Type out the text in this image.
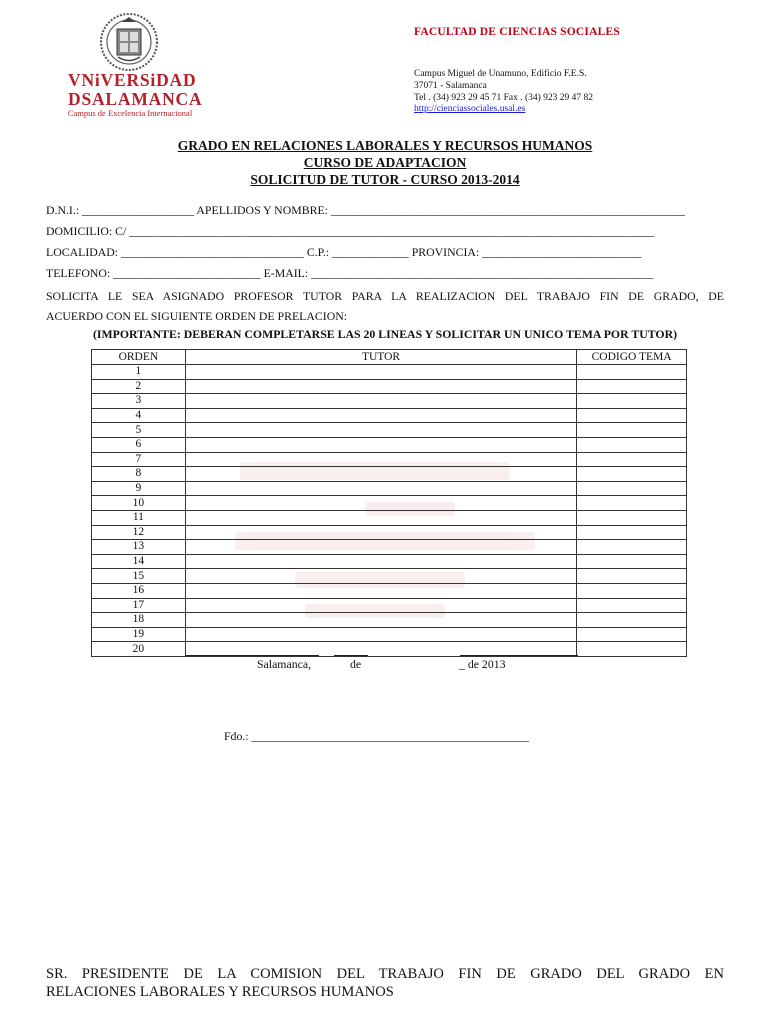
VNiVERSiDAD
DSALAMANCA
Campus de Excelencia Internacional
FACULTAD DE CIENCIAS SOCIALES
Campus Miguel de Unamuno, Edificio F.E.S.
37071 - Salamanca
Tel . (34) 923 29 45 71 Fax . (34) 923 29 47 82
http://cienciassociales.usal.es
GRADO EN RELACIONES LABORALES Y RECURSOS HUMANOS
CURSO DE ADAPTACION
SOLICITUD DE TUTOR - CURSO 2013-2014
D.N.I.: ___________________ APELLIDOS Y NOMBRE: ____________________________________________________________
DOMICILIO: C/ _________________________________________________________________________________________
LOCALIDAD: _______________________________ C.P.: _____________ PROVINCIA: ___________________________
TELEFONO: _________________________ E-MAIL: __________________________________________________________
SOLICITA LE SEA ASIGNADO PROFESOR TUTOR PARA LA REALIZACION DEL TRABAJO FIN DE GRADO, DE
ACUERDO CON EL SIGUIENTE ORDEN DE PRELACION:
(IMPORTANTE: DEBERAN COMPLETARSE LAS 20 LINEAS Y SOLICITAR UN UNICO TEMA POR TUTOR)
ORDEN	TUTOR	CODIGO TEMA
1		
2		
3		
4		
5		
6		
7		
8		
9		
10		
11		
12		
13		
14		
15		
16		
17		
18		
19		
20		
Salamanca,	de	_ de 2013
Fdo.: _______________________________________________
SR. PRESIDENTE DE LA COMISION DEL TRABAJO FIN DE GRADO DEL GRADO EN
RELACIONES LABORALES Y RECURSOS HUMANOS
